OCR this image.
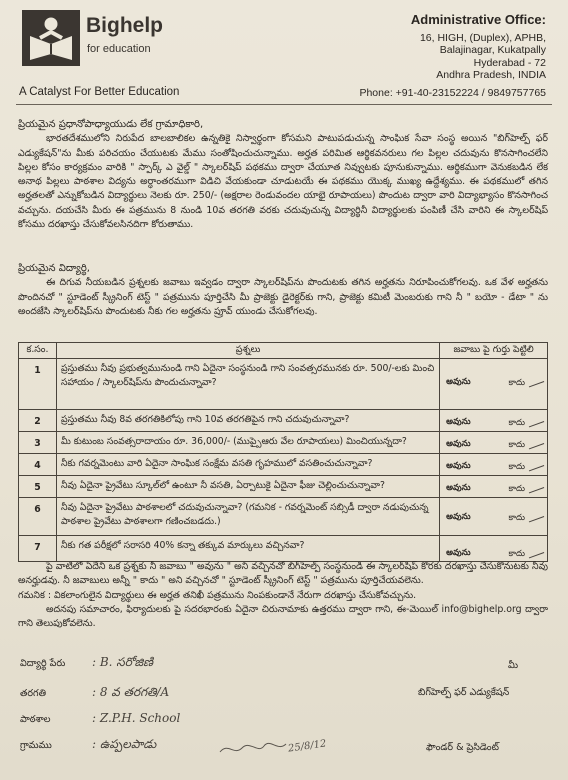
Bighelp
for education
A Catalyst For Better Education
Administrative Office:
16, HIGH, (Duplex), APHB,
Balajinagar, Kukatpally
Hyderabad - 72
Andhra Pradesh, INDIA
Phone: +91-40-23152224 / 9849757765
ప్రియమైన ప్రధానోపాధ్యాయుడు లేక గ్రామాధికారి,

భారతదేశములోని నిరుపేద బాలబాలికల ఉన్నతికై నిస్వార్థంగా కోసమని పాటుపడుచున్న సాంఘిక సేవా సంస్థ అయిన "బిగ్‌హెల్ప్ ఫర్ ఎడ్యుకేషన్"ను మీకు పరిచయం చేయుటకు మేము సంతోషించుచున్నాము. అర్హత పరిమిత ఆర్థికవనరులు గల పిల్లల చదువును కొనసాగించలేని పిల్లల కోసం కార్యక్రమం వారికి " స్పార్క్ ఎ వైల్డ్ " స్కాలర్‌షిప్ పథకము ద్వారా చేయూత నివ్వుటకు పూనుకున్నాము. ఆర్థికముగా వెనుకబడిన లేక అనాథ పిల్లలు పాఠశాల విద్యను అర్ధాంతరముగా విడిచి వేయకుండా చూడుటయే ఈ పథకము యొక్క ముఖ్య ఉద్దేశ్యము. ఈ పథకములో తగిన అర్హతలతో ఎన్నుకోబడిన విద్యార్థులు నెలకు రూ. 250/- (అక్షరాల రెండువందల యాభై రూపాయలు) పొందుట ద్వారా వారి విద్యాభ్యాసం కొనసాగించ వచ్చును. దయచేసి మీరు ఈ పత్రమును 8 నుండి 10వ తరగతి వరకు చదువుచున్న విద్యార్థినీ విద్యార్థులకు పంపిణీ చేసి వారిని ఈ స్కాలర్‌షిప్ కోసము దరఖాస్తు చేసుకోవలసినదిగా కోరుతాము.

ప్రియమైన విద్యార్థి,

ఈ దిగువ నీయబడిన ప్రశ్నలకు జవాబు ఇవ్వడం ద్వారా స్కాలర్‌షిప్‌ను పొందుటకు తగిన అర్హతను నిరూపించుకోగలవు. ఒక వేళ అర్హతను పొందినచో " స్టూడెంట్ స్క్రీనింగ్ టెస్ట్ " పత్రమును పూర్తిచేసి మీ ప్రాజెక్టు డైరెక్టర్‌కు గాని, ప్రాజెక్టు కమిటీ మెంబరుకు గాని నీ " బయో - డేటా " ను అందజేసి స్కాలర్‌షిప్‌ను పొందుటకు నీకు గల అర్హతను ప్రూవ్ యుండు చేసుకోగలవు.

క.సం.	ప్రశ్నలు	జవాబు పై గుర్తు పెట్టిలి
1	ప్రస్తుతము నీవు ప్రభుత్వమునుండి గాని ఏదైనా సంస్థనుండి గాని సంవత్సరమునకు రూ. 500/-లకు మించి సహాయం / స్కాలర్‌షిప్‌ను పొందుచున్నావా?	అవును కాదు

2	ప్రస్తుతము నీవు 8వ తరగతికిలోపు గాని 10వ తరగతిపైన గాని చదువుచున్నావా?	అవును కాదు

3	మీ కుటుంబ సంవత్సరాదాయం రూ. 36,000/- (ముప్పైఆరు వేల రూపాయలు) మించియున్నదా?	అవును కాదు

4	నీకు గవర్నమెంటు వారి ఏదైనా సాంఘిక సంక్షేమ వసతి గృహములో వసతించుచున్నావా?	అవును కాదు

5	నీవు ఏదైనా ప్రైవేటు స్కూల్‌లో ఉంటూ నీ వసతి, ఏర్పాటుకై ఏదైనా ఫీజు చెల్లించుచున్నావా?	అవును కాదు

6	నీవు ఏదైనా ప్రైవేటు పాఠశాలలో చదువుచున్నావా? (గమనిక - గవర్నమెంట్ సబ్సిడీ ద్వారా నడుపుచున్న పాఠశాల ప్రైవేటు పాఠశాలగా గణించబడదు.)	అవును కాదు

7	నీకు గత పరీక్షలో సరాసరి 40% కన్నా తక్కువ మార్కులు వచ్చినవా?	అవును కాదు

పై వాటిలో ఏదేని ఒక ప్రశ్నకు నీ జవాబు " అవును " అని వచ్చినచో బిగ్‌హెల్ప్ సంస్థనుండి ఈ స్కాలర్‌షిప్ కొరకు దరఖాస్తు చేసుకొనుటకు నీవు అనర్హుడవు. నీ జవాబులు అన్నీ " కాదు " అని వచ్చినచో " స్టూడెంట్ స్క్రీనింగ్ టెస్ట్ " పత్రమును పూర్తిచేయవలెను.

గమనిక : వికలాంగులైన విద్యార్థులు ఈ అర్హత తనిఖీ పత్రమును నింపకుండానే నేరుగా దరఖాస్తు చేసుకోవచ్చును.

అదనపు సమాచారం, ఫిర్యాదులకు పై సదరభారంకు ఏదైనా చిరునామాకు ఉత్తరము ద్వారా గాని, ఈ-మెయిల్ info@bighelp.org ద్వారా గాని తెలుపుకోవలెను.

విద్యార్థి పేరు : B. సరోజిణి
తరగతి	: 8 వ తరగతి/A
పాఠశాల	: Z.P.H. School
గ్రామము	: ఉప్పలపాడు	25/8/12
మీ
బిగ్‌హెల్ప్ ఫర్ ఎడ్యుకేషన్
ఫౌండర్ & ప్రెసిడెంట్
